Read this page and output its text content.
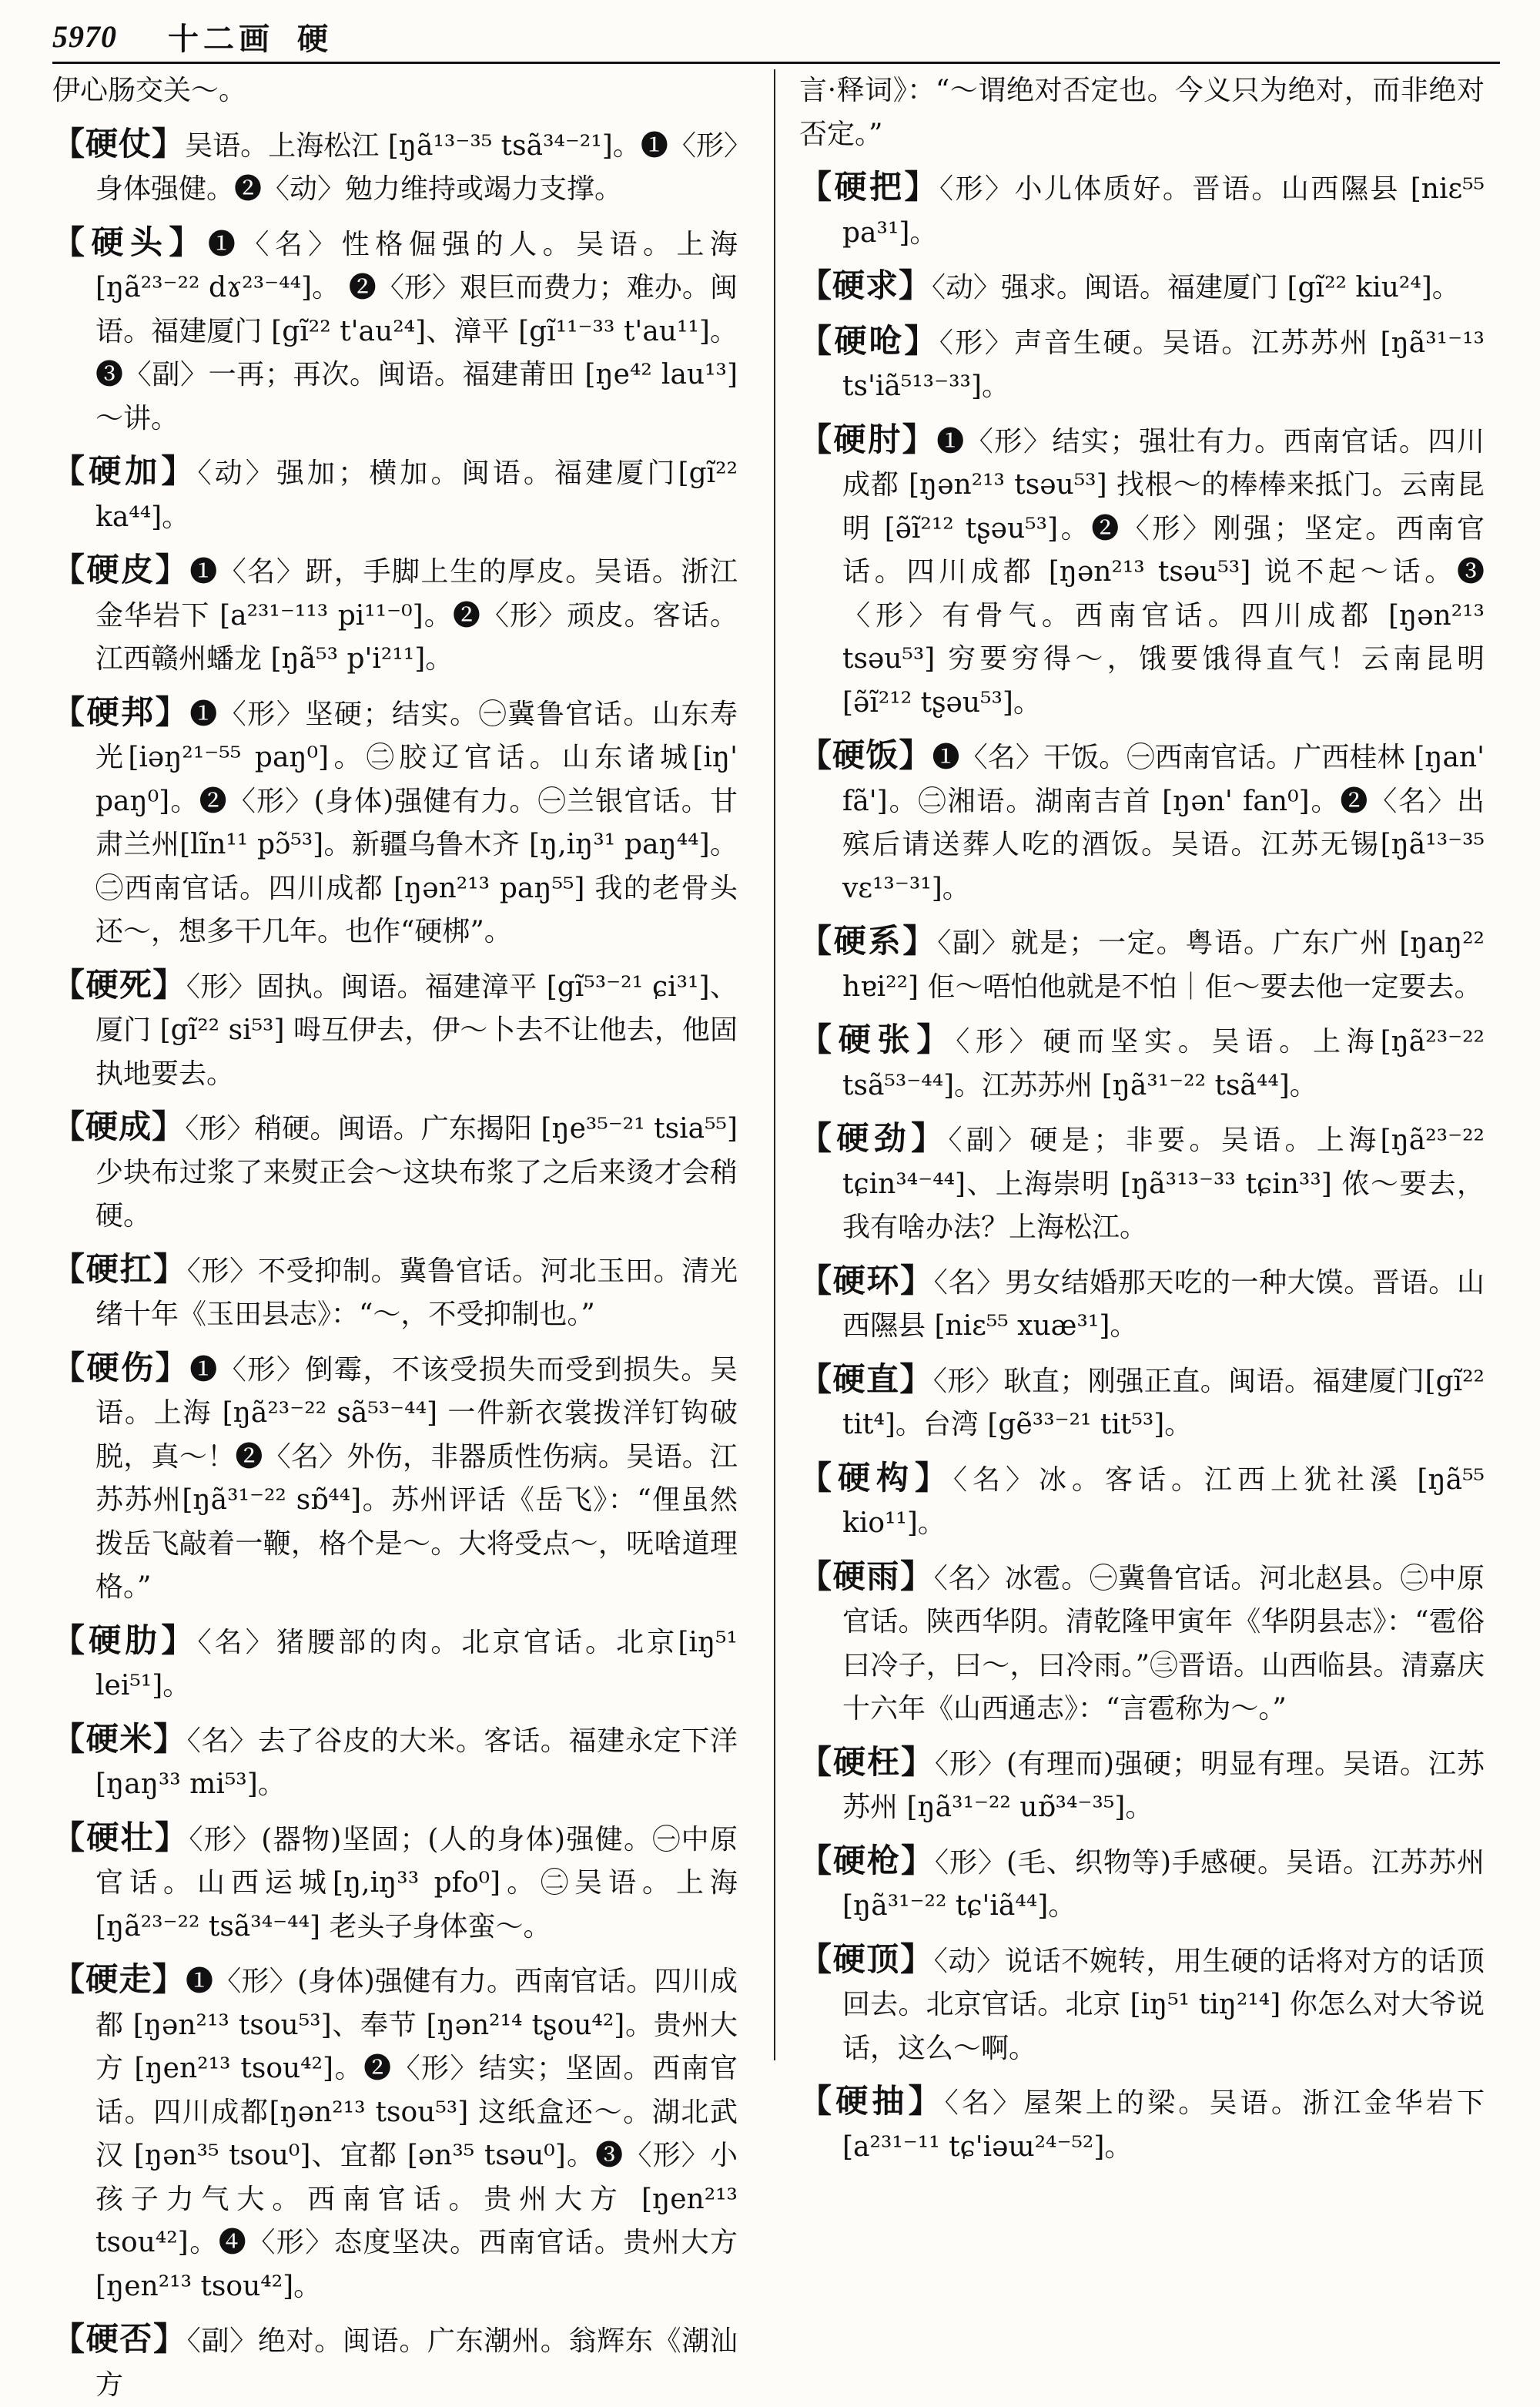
5970 十二画 硬

伊心肠交关～。

【硬仗】吴语。上海松江 [ŋã¹³⁻³⁵ tsã³⁴⁻²¹]。❶〈形〉身体强健。❷〈动〉勉力维持或竭力支撑。

【硬头】❶〈名〉性格倔强的人。吴语。上海 [ŋã²³⁻²² dɤ²³⁻⁴⁴]。 ❷〈形〉艰巨而费力；难办。闽语。福建厦门 [gĩ²² t'au²⁴]、漳平 [gĩ¹¹⁻³³ t'au¹¹]。❸〈副〉一再；再次。闽语。福建莆田 [ŋe⁴² lau¹³] ～讲。

【硬加】〈动〉强加；横加。闽语。福建厦门[gĩ²² ka⁴⁴]。

【硬皮】❶〈名〉趼，手脚上生的厚皮。吴语。浙江金华岩下 [a²³¹⁻¹¹³ pi¹¹⁻⁰]。❷〈形〉顽皮。客话。江西赣州蟠龙 [ŋã⁵³ p'i²¹¹]。

【硬邦】❶〈形〉坚硬；结实。㊀冀鲁官话。山东寿光[iəŋ²¹⁻⁵⁵ paŋ⁰]。㊁胶辽官话。山东诸城[iŋ' paŋ⁰]。❷〈形〉(身体)强健有力。㊀兰银官话。甘肃兰州[lĩn¹¹ pɔ̃⁵³]。新疆乌鲁木齐 [ŋ,iŋ³¹ paŋ⁴⁴]。㊁西南官话。四川成都 [ŋən²¹³ paŋ⁵⁵] 我的老骨头还～，想多干几年。也作“硬梆”。

【硬死】〈形〉固执。闽语。福建漳平 [gĩ⁵³⁻²¹ ɕi³¹]、厦门 [gĩ²² si⁵³] 呣互伊去，伊～卜去不让他去，他固执地要去。

【硬成】〈形〉稍硬。闽语。广东揭阳 [ŋe³⁵⁻²¹ tsia⁵⁵] 少块布过浆了来熨正会～这块布浆了之后来烫才会稍硬。

【硬扛】〈形〉不受抑制。冀鲁官话。河北玉田。清光绪十年《玉田县志》：“～，不受抑制也。”

【硬伤】❶〈形〉倒霉，不该受损失而受到损失。吴语。上海 [ŋã²³⁻²² sã⁵³⁻⁴⁴] 一件新衣裳拨洋钉钩破脱，真～！❷〈名〉外伤，非器质性伤病。吴语。江苏苏州[ŋã³¹⁻²² sɒ̃⁴⁴]。苏州评话《岳飞》：“俚虽然拨岳飞敲着一鞭，格个是～。大将受点～，呒啥道理格。”

【硬肋】〈名〉猪腰部的肉。北京官话。北京[iŋ⁵¹ lei⁵¹]。

【硬米】〈名〉去了谷皮的大米。客话。福建永定下洋 [ŋaŋ³³ mi⁵³]。

【硬壮】〈形〉(器物)坚固；(人的身体)强健。㊀中原官话。山西运城[ŋ,iŋ³³ pfo⁰]。㊁吴语。上海 [ŋã²³⁻²² tsã³⁴⁻⁴⁴] 老头子身体蛮～。

【硬走】❶〈形〉(身体)强健有力。西南官话。四川成都 [ŋən²¹³ tsou⁵³]、奉节 [ŋən²¹⁴ tʂou⁴²]。贵州大方 [ŋen²¹³ tsou⁴²]。❷〈形〉结实；坚固。西南官话。四川成都[ŋən²¹³ tsou⁵³] 这纸盒还～。湖北武汉 [ŋən³⁵ tsou⁰]、宜都 [ən³⁵ tsəu⁰]。❸〈形〉小孩子力气大。西南官话。贵州大方 [ŋen²¹³ tsou⁴²]。❹〈形〉态度坚决。西南官话。贵州大方 [ŋen²¹³ tsou⁴²]。

【硬否】〈副〉绝对。闽语。广东潮州。翁辉东《潮汕方

言·释词》：“～谓绝对否定也。今义只为绝对，而非绝对否定。”

【硬把】〈形〉小儿体质好。晋语。山西隰县 [niɛ⁵⁵ pa³¹]。

【硬求】〈动〉强求。闽语。福建厦门 [gĩ²² kiu²⁴]。

【硬呛】〈形〉声音生硬。吴语。江苏苏州 [ŋã³¹⁻¹³ ts'iã⁵¹³⁻³³]。

【硬肘】❶〈形〉结实；强壮有力。西南官话。四川成都 [ŋən²¹³ tsəu⁵³] 找根～的棒棒来抵门。云南昆明 [ə̃ĩ²¹² tʂəu⁵³]。❷〈形〉刚强；坚定。西南官话。四川成都 [ŋən²¹³ tsəu⁵³] 说不起～话。❸〈形〉有骨气。西南官话。四川成都 [ŋən²¹³ tsəu⁵³] 穷要穷得～，饿要饿得直气！云南昆明 [ə̃ĩ²¹² tʂəu⁵³]。

【硬饭】❶〈名〉干饭。㊀西南官话。广西桂林 [ŋan' fã']。㊁湘语。湖南吉首 [ŋən' fan⁰]。❷〈名〉出殡后请送葬人吃的酒饭。吴语。江苏无锡[ŋã¹³⁻³⁵ vɛ¹³⁻³¹]。

【硬系】〈副〉就是；一定。粤语。广东广州 [ŋaŋ²² hɐi²²] 佢～唔怕他就是不怕｜佢～要去他一定要去。

【硬张】〈形〉硬而坚实。吴语。上海[ŋã²³⁻²² tsã⁵³⁻⁴⁴]。江苏苏州 [ŋã³¹⁻²² tsã⁴⁴]。

【硬劲】〈副〉硬是；非要。吴语。上海[ŋã²³⁻²² tɕin³⁴⁻⁴⁴]、上海崇明 [ŋã³¹³⁻³³ tɕin³³] 侬～要去，我有啥办法？上海松江。

【硬环】〈名〉男女结婚那天吃的一种大馍。晋语。山西隰县 [niɛ⁵⁵ xuæ³¹]。

【硬直】〈形〉耿直；刚强正直。闽语。福建厦门[gĩ²² tit⁴]。台湾 [gẽ³³⁻²¹ tit⁵³]。

【硬构】〈名〉冰。客话。江西上犹社溪 [ŋã⁵⁵ kio¹¹]。

【硬雨】〈名〉冰雹。㊀冀鲁官话。河北赵县。㊁中原官话。陕西华阴。清乾隆甲寅年《华阴县志》：“雹俗曰冷子，曰～，曰冷雨。”㊂晋语。山西临县。清嘉庆十六年《山西通志》：“言雹称为～。”

【硬枉】〈形〉(有理而)强硬；明显有理。吴语。江苏苏州 [ŋã³¹⁻²² uɒ̃³⁴⁻³⁵]。

【硬枪】〈形〉(毛、织物等)手感硬。吴语。江苏苏州 [ŋã³¹⁻²² tɕ'iã⁴⁴]。

【硬顶】〈动〉说话不婉转，用生硬的话将对方的话顶回去。北京官话。北京 [iŋ⁵¹ tiŋ²¹⁴] 你怎么对大爷说话，这么～啊。

【硬抽】〈名〉屋架上的梁。吴语。浙江金华岩下[a²³¹⁻¹¹ tɕ'iəɯ²⁴⁻⁵²]。
